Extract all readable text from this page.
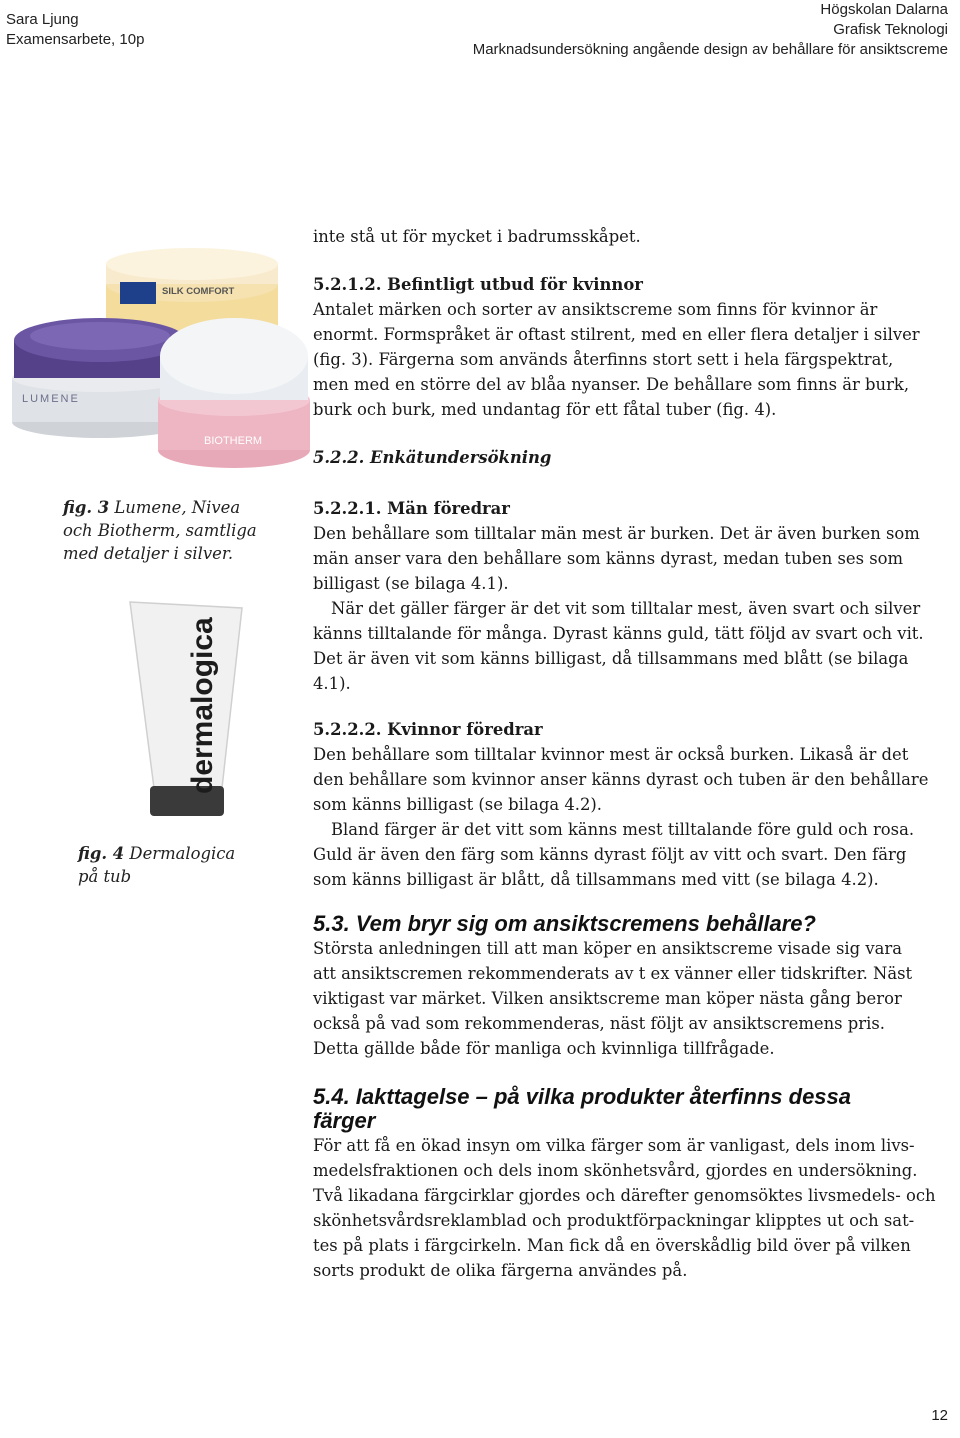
Sara Ljung
Examensarbete, 10p
Högskolan Dalarna
Grafisk Teknologi
Marknadsundersökning angående design av behållare för ansiktscreme
SILK COMFORT
LUMENE
BIOTHERM
fig. 3 Lumene, Nivea
och Biotherm, samtliga
med detaljer i silver.
dermalogica
fig. 4 Dermalogica
på tub
inte stå ut för mycket i badrumsskåpet.
5.2.1.2. Befintligt utbud för kvinnor
Antalet märken och sorter av ansiktscreme som finns för kvinnor är
enormt. Formspråket är oftast stilrent, med en eller flera detaljer i silver
(fig. 3). Färgerna som används återfinns stort sett i hela färgspektrat,
men med en större del av blåa nyanser. De behållare som finns är burk,
burk och burk, med undantag för ett fåtal tuber (fig. 4).
5.2.2. Enkätundersökning
5.2.2.1. Män föredrar
Den behållare som tilltalar män mest är burken. Det är även burken som
män anser vara den behållare som känns dyrast, medan tuben ses som
billigast (se bilaga 4.1).
När det gäller färger är det vit som tilltalar mest, även svart och silver
känns tilltalande för många. Dyrast känns guld, tätt följd av svart och vit.
Det är även vit som känns billigast, då tillsammans med blått (se bilaga
4.1).
5.2.2.2. Kvinnor föredrar
Den behållare som tilltalar kvinnor mest är också burken. Likaså är det
den behållare som kvinnor anser känns dyrast och tuben är den behållare
som känns billigast (se bilaga 4.2).
Bland färger är det vitt som känns mest tilltalande före guld och rosa.
Guld är även den färg som känns dyrast följt av vitt och svart. Den färg
som känns billigast är blått, då tillsammans med vitt (se bilaga 4.2).
5.3. Vem bryr sig om ansiktscremens behållare?
Största anledningen till att man köper en ansiktscreme visade sig vara
att ansiktscremen rekommenderats av t ex vänner eller tidskrifter. Näst
viktigast var märket. Vilken ansiktscreme man köper nästa gång beror
också på vad som rekommenderas, näst följt av ansiktscremens pris.
Detta gällde både för manliga och kvinnliga tillfrågade.
5.4. Iakttagelse – på vilka produkter återfinns dessa
färger
För att få en ökad insyn om vilka färger som är vanligast, dels inom livs-
medelsfraktionen och dels inom skönhetsvård, gjordes en undersökning.
Två likadana färgcirklar gjordes och därefter genomsöktes livsmedels- och
skönhetsvårdsreklamblad och produktförpackningar klipptes ut och sat-
tes på plats i färgcirkeln. Man fick då en överskådlig bild över på vilken
sorts produkt de olika färgerna användes på.
12
